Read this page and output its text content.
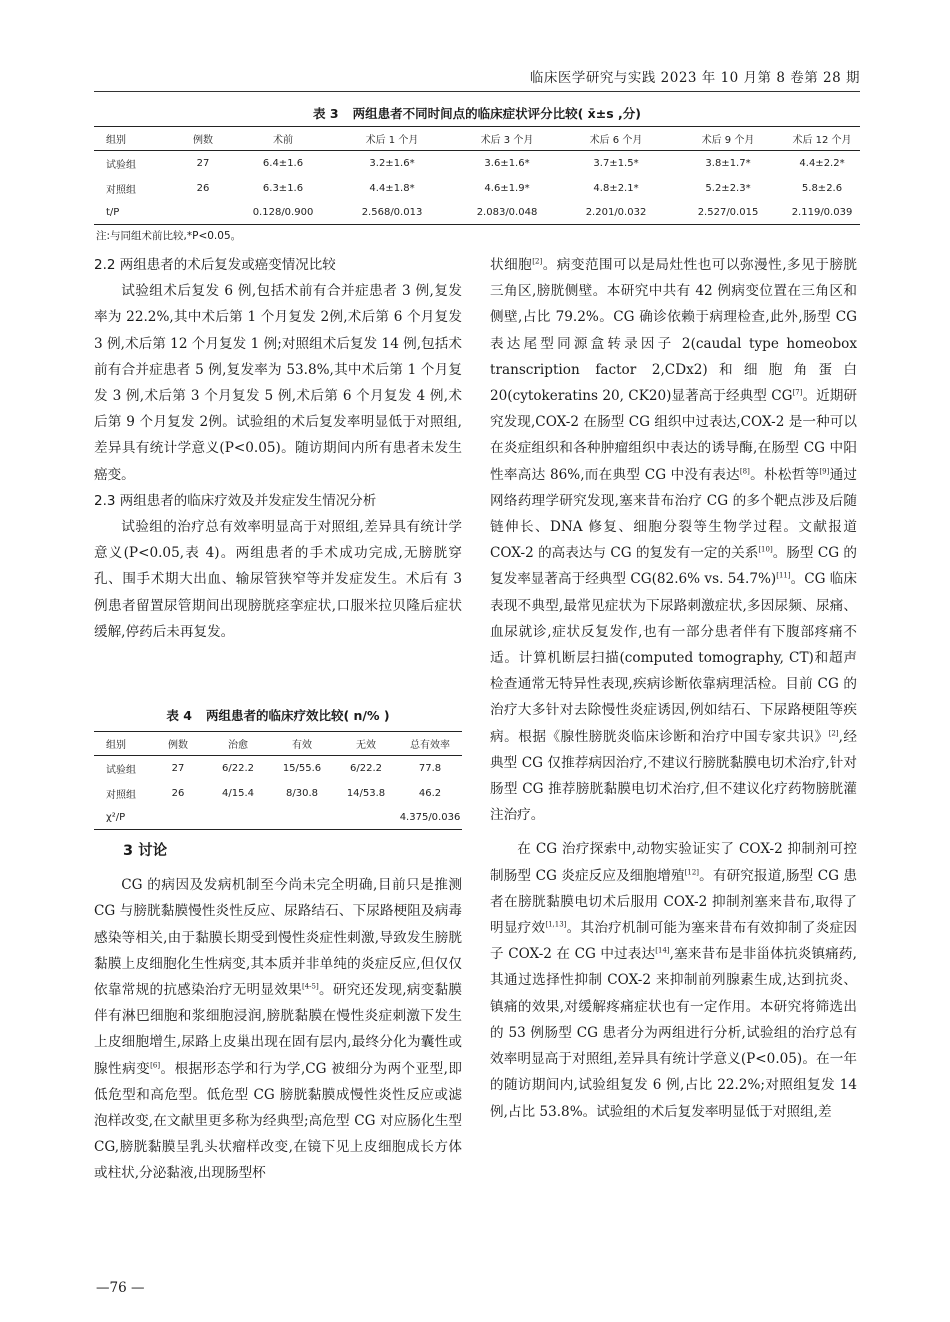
临床医学研究与实践 2023 年 10 月第 8 卷第 28 期
表 3 两组患者不同时间点的临床症状评分比较( x̄±s ,分)
组别	例数	术前	术后 1 个月	术后 3 个月	术后 6 个月	术后 9 个月	术后 12 个月
试验组	27	6.4±1.6	3.2±1.6*	3.6±1.6*	3.7±1.5*	3.8±1.7*	4.4±2.2*
对照组	26	6.3±1.6	4.4±1.8*	4.6±1.9*	4.8±2.1*	5.2±2.3*	5.8±2.6
t/P		0.128/0.900	2.568/0.013	2.083/0.048	2.201/0.032	2.527/0.015	2.119/0.039
注:与同组术前比较,*P<0.05。

2.2 两组患者的术后复发或癌变情况比较

试验组术后复发 6 例,包括术前有合并症患者 3 例,复发率为 22.2%,其中术后第 1 个月复发 2例,术后第 6 个月复发 3 例,术后第 12 个月复发 1 例;对照组术后复发 14 例,包括术前有合并症患者 5 例,复发率为 53.8%,其中术后第 1 个月复发 3 例,术后第 3 个月复发 5 例,术后第 6 个月复发 4 例,术后第 9 个月复发 2例。试验组的术后复发率明显低于对照组,差异具有统计学意义(P<0.05)。随访期间内所有患者未发生癌变。

2.3 两组患者的临床疗效及并发症发生情况分析

试验组的治疗总有效率明显高于对照组,差异具有统计学意义(P<0.05,表 4)。两组患者的手术成功完成,无膀胱穿孔、围手术期大出血、输尿管狭窄等并发症发生。术后有 3 例患者留置尿管期间出现膀胱痉挛症状,口服米拉贝隆后症状缓解,停药后未再复发。

表 4 两组患者的临床疗效比较( n/% )
组别	例数	治愈	有效	无效	总有效率
试验组	27	6/22.2	15/55.6	6/22.2	77.8
对照组	26	4/15.4	8/30.8	14/53.8	46.2
χ²/P					4.375/0.036

3 讨论

CG 的病因及发病机制至今尚未完全明确,目前只是推测 CG 与膀胱黏膜慢性炎性反应、尿路结石、下尿路梗阻及病毒感染等相关,由于黏膜长期受到慢性炎症性刺激,导致发生膀胱黏膜上皮细胞化生性病变,其本质并非单纯的炎症反应,但仅仅依靠常规的抗感染治疗无明显效果[4-5]。研究还发现,病变黏膜伴有淋巴细胞和浆细胞浸润,膀胱黏膜在慢性炎症刺激下发生上皮细胞增生,尿路上皮巢出现在固有层内,最终分化为囊性或腺性病变[6]。根据形态学和行为学,CG 被细分为两个亚型,即低危型和高危型。低危型 CG 膀胱黏膜成慢性炎性反应或滤泡样改变,在文献里更多称为经典型;高危型 CG 对应肠化生型 CG,膀胱黏膜呈乳头状瘤样改变,在镜下见上皮细胞成长方体或柱状,分泌黏液,出现肠型杯

状细胞[2]。病变范围可以是局灶性也可以弥漫性,多见于膀胱三角区,膀胱侧壁。本研究中共有 42 例病变位置在三角区和侧壁,占比 79.2%。CG 确诊依赖于病理检查,此外,肠型 CG 表达尾型同源盒转录因子 2(caudal type homeobox transcription factor 2,CDx2)和细胞角蛋白 20(cytokeratins 20, CK20)显著高于经典型 CG[7]。近期研究发现,COX-2 在肠型 CG 组织中过表达,COX-2 是一种可以在炎症组织和各种肿瘤组织中表达的诱导酶,在肠型 CG 中阳性率高达 86%,而在典型 CG 中没有表达[8]。朴松哲等[9]通过网络药理学研究发现,塞来昔布治疗 CG 的多个靶点涉及后随链伸长、DNA 修复、细胞分裂等生物学过程。文献报道 COX-2 的高表达与 CG 的复发有一定的关系[10]。肠型 CG 的复发率显著高于经典型 CG(82.6% vs. 54.7%)[11]。CG 临床表现不典型,最常见症状为下尿路刺激症状,多因尿频、尿痛、血尿就诊,症状反复发作,也有一部分患者伴有下腹部疼痛不适。计算机断层扫描(computed tomography, CT)和超声检查通常无特异性表现,疾病诊断依靠病理活检。目前 CG 的治疗大多针对去除慢性炎症诱因,例如结石、下尿路梗阻等疾病。根据《腺性膀胱炎临床诊断和治疗中国专家共识》[2],经典型 CG 仅推荐病因治疗,不建议行膀胱黏膜电切术治疗,针对肠型 CG 推荐膀胱黏膜电切术治疗,但不建议化疗药物膀胱灌注治疗。

在 CG 治疗探索中,动物实验证实了 COX-2 抑制剂可控制肠型 CG 炎症反应及细胞增殖[12]。有研究报道,肠型 CG 患者在膀胱黏膜电切术后服用 COX-2 抑制剂塞来昔布,取得了明显疗效[1,13]。其治疗机制可能为塞来昔布有效抑制了炎症因子 COX-2 在 CG 中过表达[14],塞来昔布是非甾体抗炎镇痛药,其通过选择性抑制 COX-2 来抑制前列腺素生成,达到抗炎、镇痛的效果,对缓解疼痛症状也有一定作用。本研究将筛选出的 53 例肠型 CG 患者分为两组进行分析,试验组的治疗总有效率明显高于对照组,差异具有统计学意义(P<0.05)。在一年的随访期间内,试验组复发 6 例,占比 22.2%;对照组复发 14例,占比 53.8%。试验组的术后复发率明显低于对照组,差

—76 —
